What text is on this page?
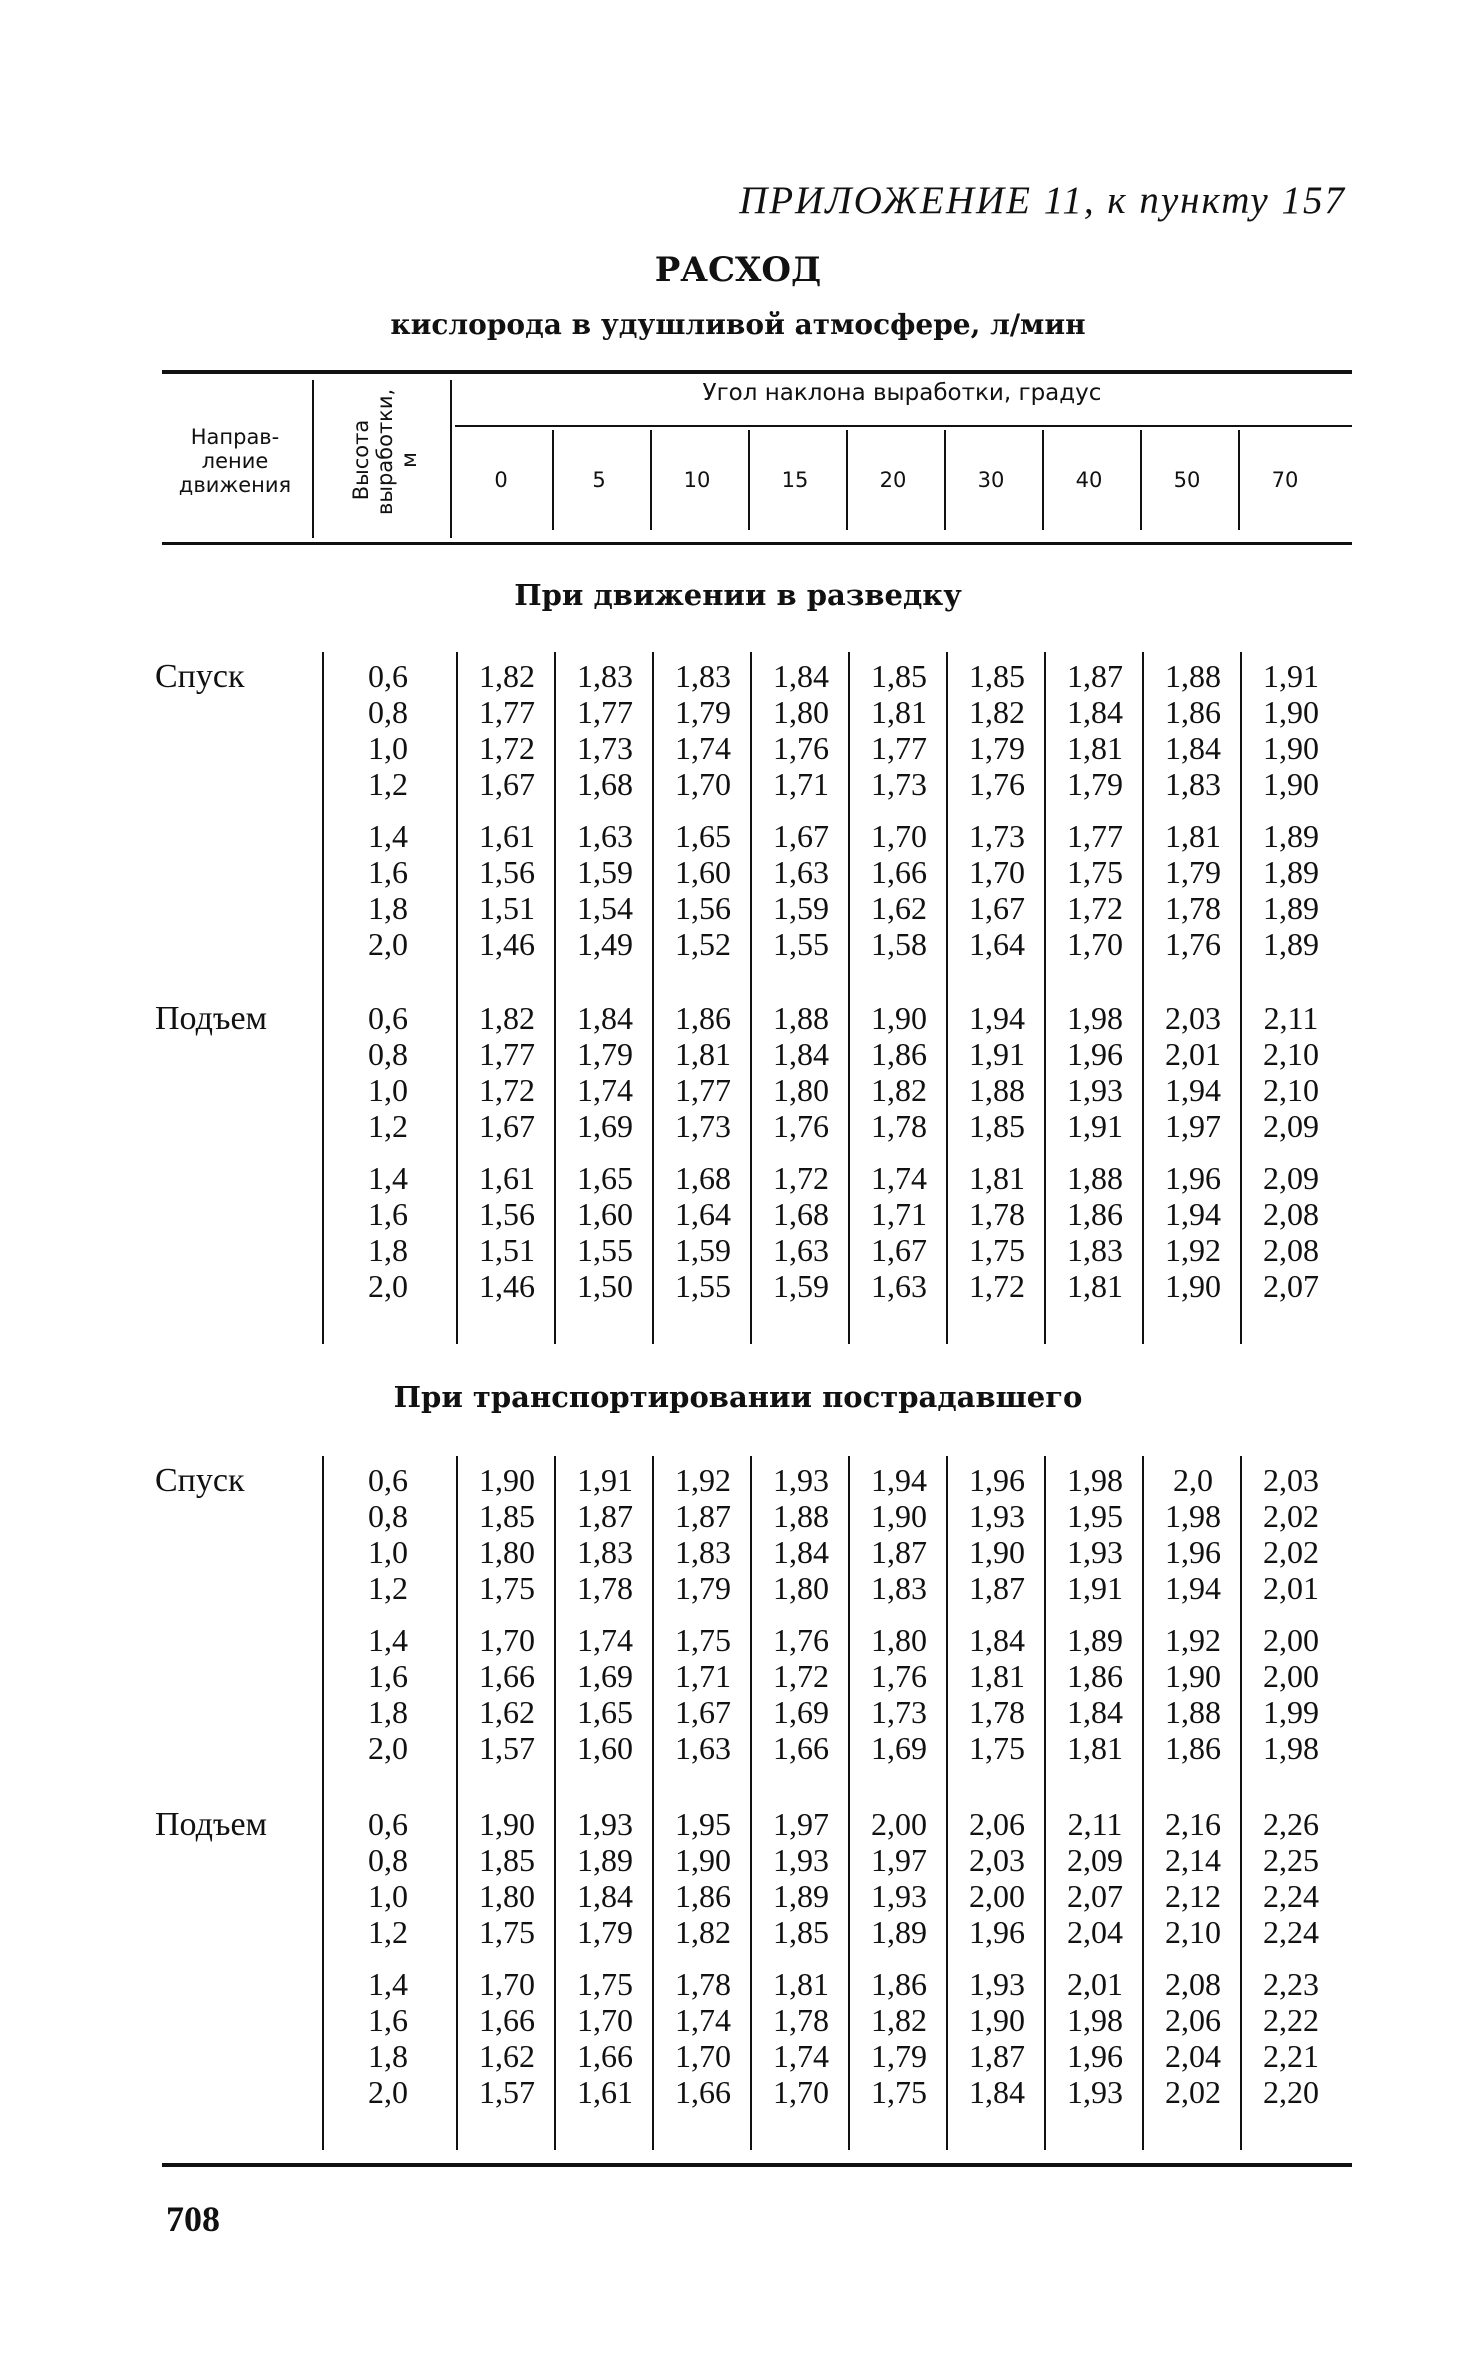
ПРИЛОЖЕНИЕ 11, к пункту 157
РАСХОД
кислорода в удушливой атмосфере, л/мин
Направ-ление движения	Высота выработки, м
Угол наклона выработки, градус
0	5	10	15	20	30	40	50	70
При движении в разведку
Спуск	0,6	1,82	1,83	1,83	1,84	1,85	1,85	1,87	1,88	1,91
0,8	1,77	1,77	1,79	1,80	1,81	1,82	1,84	1,86	1,90
1,0	1,72	1,73	1,74	1,76	1,77	1,79	1,81	1,84	1,90
1,2	1,67	1,68	1,70	1,71	1,73	1,76	1,79	1,83	1,90
1,4	1,61	1,63	1,65	1,67	1,70	1,73	1,77	1,81	1,89
1,6	1,56	1,59	1,60	1,63	1,66	1,70	1,75	1,79	1,89
1,8	1,51	1,54	1,56	1,59	1,62	1,67	1,72	1,78	1,89
2,0	1,46	1,49	1,52	1,55	1,58	1,64	1,70	1,76	1,89
Подъем	0,6	1,82	1,84	1,86	1,88	1,90	1,94	1,98	2,03	2,11
0,8	1,77	1,79	1,81	1,84	1,86	1,91	1,96	2,01	2,10
1,0	1,72	1,74	1,77	1,80	1,82	1,88	1,93	1,94	2,10
1,2	1,67	1,69	1,73	1,76	1,78	1,85	1,91	1,97	2,09
1,4	1,61	1,65	1,68	1,72	1,74	1,81	1,88	1,96	2,09
1,6	1,56	1,60	1,64	1,68	1,71	1,78	1,86	1,94	2,08
1,8	1,51	1,55	1,59	1,63	1,67	1,75	1,83	1,92	2,08
2,0	1,46	1,50	1,55	1,59	1,63	1,72	1,81	1,90	2,07
При транспортировании пострадавшего
Спуск	0,6	1,90	1,91	1,92	1,93	1,94	1,96	1,98	2,0	2,03
0,8	1,85	1,87	1,87	1,88	1,90	1,93	1,95	1,98	2,02
1,0	1,80	1,83	1,83	1,84	1,87	1,90	1,93	1,96	2,02
1,2	1,75	1,78	1,79	1,80	1,83	1,87	1,91	1,94	2,01
1,4	1,70	1,74	1,75	1,76	1,80	1,84	1,89	1,92	2,00
1,6	1,66	1,69	1,71	1,72	1,76	1,81	1,86	1,90	2,00
1,8	1,62	1,65	1,67	1,69	1,73	1,78	1,84	1,88	1,99
2,0	1,57	1,60	1,63	1,66	1,69	1,75	1,81	1,86	1,98
Подъем	0,6	1,90	1,93	1,95	1,97	2,00	2,06	2,11	2,16	2,26
0,8	1,85	1,89	1,90	1,93	1,97	2,03	2,09	2,14	2,25
1,0	1,80	1,84	1,86	1,89	1,93	2,00	2,07	2,12	2,24
1,2	1,75	1,79	1,82	1,85	1,89	1,96	2,04	2,10	2,24
1,4	1,70	1,75	1,78	1,81	1,86	1,93	2,01	2,08	2,23
1,6	1,66	1,70	1,74	1,78	1,82	1,90	1,98	2,06	2,22
1,8	1,62	1,66	1,70	1,74	1,79	1,87	1,96	2,04	2,21
2,0	1,57	1,61	1,66	1,70	1,75	1,84	1,93	2,02	2,20
708
